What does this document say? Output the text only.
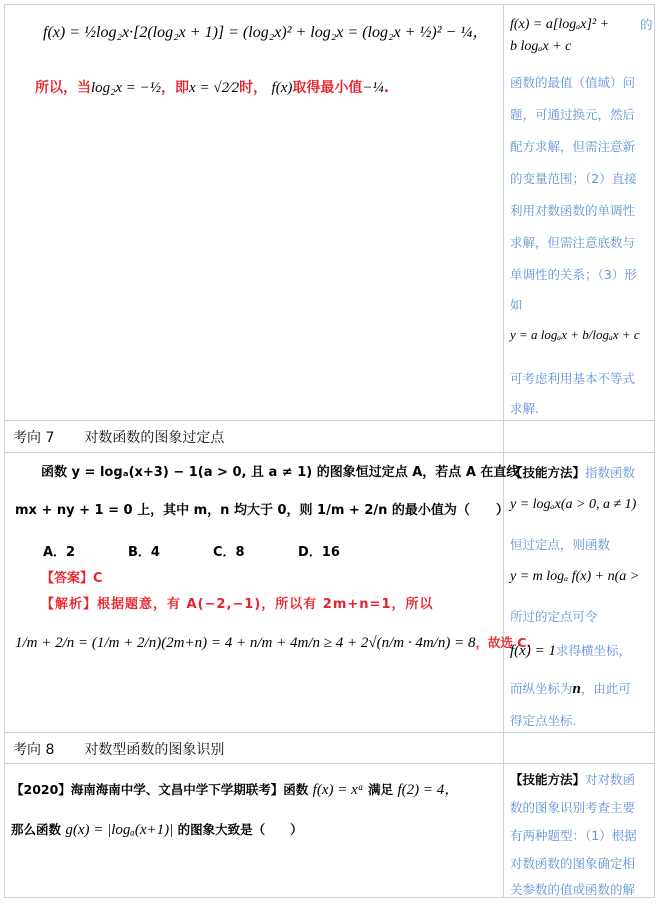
f(x) = ½log₂x·[2(log₂x + 1)] = (log₂x)² + log₂x = (log₂x + ½)² − ¼，
所以，当log₂x = −½，即x = √2⁄2时， f(x)取得最小值−¼.
f(x) = a[logₐx]² + 的
b logₐx + c
函数的最值（值域）问
题，可通过换元，然后
配方求解，但需注意新
的变量范围；（2）直接
利用对数函数的单调性
求解，但需注意底数与
单调性的关系；（3）形
如
y = a logₐx + b/logₐx + c
可考虑利用基本不等式
求解.
考向 7 对数函数的图象过定点
函数 y = logₐ(x+3) − 1(a > 0, 且 a ≠ 1) 的图象恒过定点 A，若点 A 在直线
mx + ny + 1 = 0 上，其中 m，n 均大于 0，则 1/m + 2/n 的最小值为（　　）
A．2	B．4	C．8	D．16
【答案】C
【解析】根据题意，有 A(−2,−1)，所以有 2m+n=1，所以
1/m + 2/n = (1/m + 2/n)(2m+n) = 4 + n/m + 4m/n ≥ 4 + 2√(n/m · 4m/n) = 8，故选 C.
【技能方法】指数函数
y = logₐx(a > 0, a ≠ 1)
恒过定点，则函数
y = m logₐ f(x) + n(a >
所过的定点可令
f(x) = 1求得横坐标，
而纵坐标为n，由此可
得定点坐标.
考向 8 对数型函数的图象识别
【2020】海南海南中学、文昌中学下学期联考】函数 f(x) = xᵃ 满足 f(2) = 4，
那么函数 g(x) = |logₐ(x+1)| 的图象大致是（　　）
【技能方法】对对数函
数的图象识别考查主要
有两种题型：（1）根据
对数函数的图象确定相
关参数的值或函数的解
